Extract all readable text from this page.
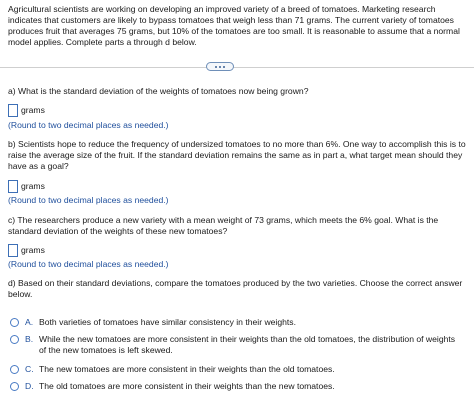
Agricultural scientists are working on developing an improved variety of a breed of tomatoes. Marketing research indicates that customers are likely to bypass tomatoes that weigh less than 71 grams. The current variety of tomatoes produces fruit that averages 75 grams, but 10% of the tomatoes are too small. It is reasonable to assume that a normal model applies. Complete parts a through d below.
a) What is the standard deviation of the weights of tomatoes now being grown?
grams
(Round to two decimal places as needed.)
b) Scientists hope to reduce the frequency of undersized tomatoes to no more than 6%. One way to accomplish this is to raise the average size of the fruit. If the standard deviation remains the same as in part a, what target mean should they have as a goal?
grams
(Round to two decimal places as needed.)
c) The researchers produce a new variety with a mean weight of 73 grams, which meets the 6% goal. What is the standard deviation of the weights of these new tomatoes?
grams
(Round to two decimal places as needed.)
d) Based on their standard deviations, compare the tomatoes produced by the two varieties. Choose the correct answer below.
A. Both varieties of tomatoes have similar consistency in their weights.
B. While the new tomatoes are more consistent in their weights than the old tomatoes, the distribution of weights of the new tomatoes is left skewed.
C. The new tomatoes are more consistent in their weights than the old tomatoes.
D. The old tomatoes are more consistent in their weights than the new tomatoes.
